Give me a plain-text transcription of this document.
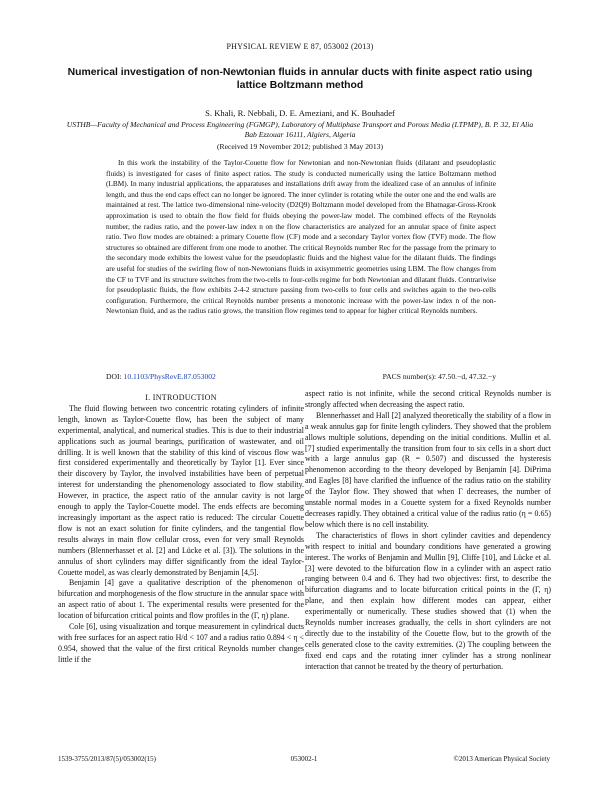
PHYSICAL REVIEW E 87, 053002 (2013)
Numerical investigation of non-Newtonian fluids in annular ducts with finite aspect ratio using lattice Boltzmann method
S. Khali, R. Nebbali, D. E. Ameziani, and K. Bouhadef
USTHB—Faculty of Mechanical and Process Engineering (FGMGP), Laboratory of Multiphase Transport and Porous Media (LTPMP), B. P. 32, El Alia Bab Ezzouar 16111, Algiers, Algeria
(Received 19 November 2012; published 3 May 2013)
In this work the instability of the Taylor-Couette flow for Newtonian and non-Newtonian fluids (dilatant and pseudoplastic fluids) is investigated for cases of finite aspect ratios. The study is conducted numerically using the lattice Boltzmann method (LBM). In many industrial applications, the apparatuses and installations drift away from the idealized case of an annulus of infinite length, and thus the end caps effect can no longer be ignored. The inner cylinder is rotating while the outer one and the end walls are maintained at rest. The lattice two-dimensional nine-velocity (D2Q9) Boltzmann model developed from the Bhatnagar-Gross-Krook approximation is used to obtain the flow field for fluids obeying the power-law model. The combined effects of the Reynolds number, the radius ratio, and the power-law index n on the flow characteristics are analyzed for an annular space of finite aspect ratio. Two flow modes are obtained: a primary Couette flow (CF) mode and a secondary Taylor vortex flow (TVF) mode. The flow structures so obtained are different from one mode to another. The critical Reynolds number Rec for the passage from the primary to the secondary mode exhibits the lowest value for the pseudoplastic fluids and the highest value for the dilatant fluids. The findings are useful for studies of the swirling flow of non-Newtonians fluids in axisymmetric geometries using LBM. The flow changes from the CF to TVF and its structure switches from the two-cells to four-cells regime for both Newtonian and dilatant fluids. Contrariwise for pseudoplastic fluids, the flow exhibits 2-4-2 structure passing from two-cells to four cells and switches again to the two-cells configuration. Furthermore, the critical Reynolds number presents a monotonic increase with the power-law index n of the non-Newtonian fluid, and as the radius ratio grows, the transition flow regimes tend to appear for higher critical Reynolds numbers.
DOI: 10.1103/PhysRevE.87.053002	PACS number(s): 47.50.−d, 47.32.−y

I. INTRODUCTION

The fluid flowing between two concentric rotating cylinders of infinite length, known as Taylor-Couette flow, has been the subject of many experimental, analytical, and numerical studies. This is due to their industrial applications such as journal bearings, purification of wastewater, and oil drilling. It is well known that the stability of this kind of viscous flow was first considered experimentally and theoretically by Taylor [1]. Ever since their discovery by Taylor, the involved instabilities have been of perpetual interest for understanding the phenomenology associated to flow stability. However, in practice, the aspect ratio of the annular cavity is not large enough to apply the Taylor-Couette model. The ends effects are becoming increasingly important as the aspect ratio is reduced: The circular Couette flow is not an exact solution for finite cylinders, and the tangential flow results always in main flow cellular cross, even for very small Reynolds numbers (Blennerhasset et al. [2] and Lücke et al. [3]). The solutions in the annulus of short cylinders may differ significantly from the ideal Taylor-Couette model, as was clearly demonstrated by Benjamin [4,5].

Benjamin [4] gave a qualitative description of the phenomenon of bifurcation and morphogenesis of the flow structure in the annular space with an aspect ratio of about 1. The experimental results were presented for the location of bifurcation critical points and flow profiles in the (Γ, η) plane.

Cole [6], using visualization and torque measurement in cylindrical ducts with free surfaces for an aspect ratio H/d < 107 and a radius ratio 0.894 < η < 0.954, showed that the value of the first critical Reynolds number changes little if the

aspect ratio is not infinite, while the second critical Reynolds number is strongly affected when decreasing the aspect ratio.

Blennerhasset and Hall [2] analyzed theoretically the stability of a flow in a weak annulus gap for finite length cylinders. They showed that the problem allows multiple solutions, depending on the initial conditions. Mullin et al. [7] studied experimentally the transition from four to six cells in a short duct with a large annulus gap (R = 0.507) and discussed the hysteresis phenomenon according to the theory developed by Benjamin [4]. DiPrima and Eagles [8] have clarified the influence of the radius ratio on the stability of the Taylor flow. They showed that when Γ decreases, the number of unstable normal modes in a Couette system for a fixed Reynolds number decreases rapidly. They obtained a critical value of the radius ratio (η = 0.65) below which there is no cell instability.

The characteristics of flows in short cylinder cavities and dependency with respect to initial and boundary conditions have generated a growing interest. The works of Benjamin and Mullin [9], Cliffe [10], and Lücke et al. [3] were devoted to the bifurcation flow in a cylinder with an aspect ratio ranging between 0.4 and 6. They had two objectives: first, to describe the bifurcation diagrams and to locate bifurcation critical points in the (Γ, η) plane, and then explain how different modes can appear, either experimentally or numerically. These studies showed that (1) when the Reynolds number increases gradually, the cells in short cylinders are not directly due to the instability of the Couette flow, but to the growth of the cells generated close to the cavity extremities. (2) The coupling between the fixed end caps and the rotating inner cylinder has a strong nonlinear interaction that cannot be treated by the theory of perturbation.

1539-3755/2013/87(5)/053002(15)	053002-1	©2013 American Physical Society
